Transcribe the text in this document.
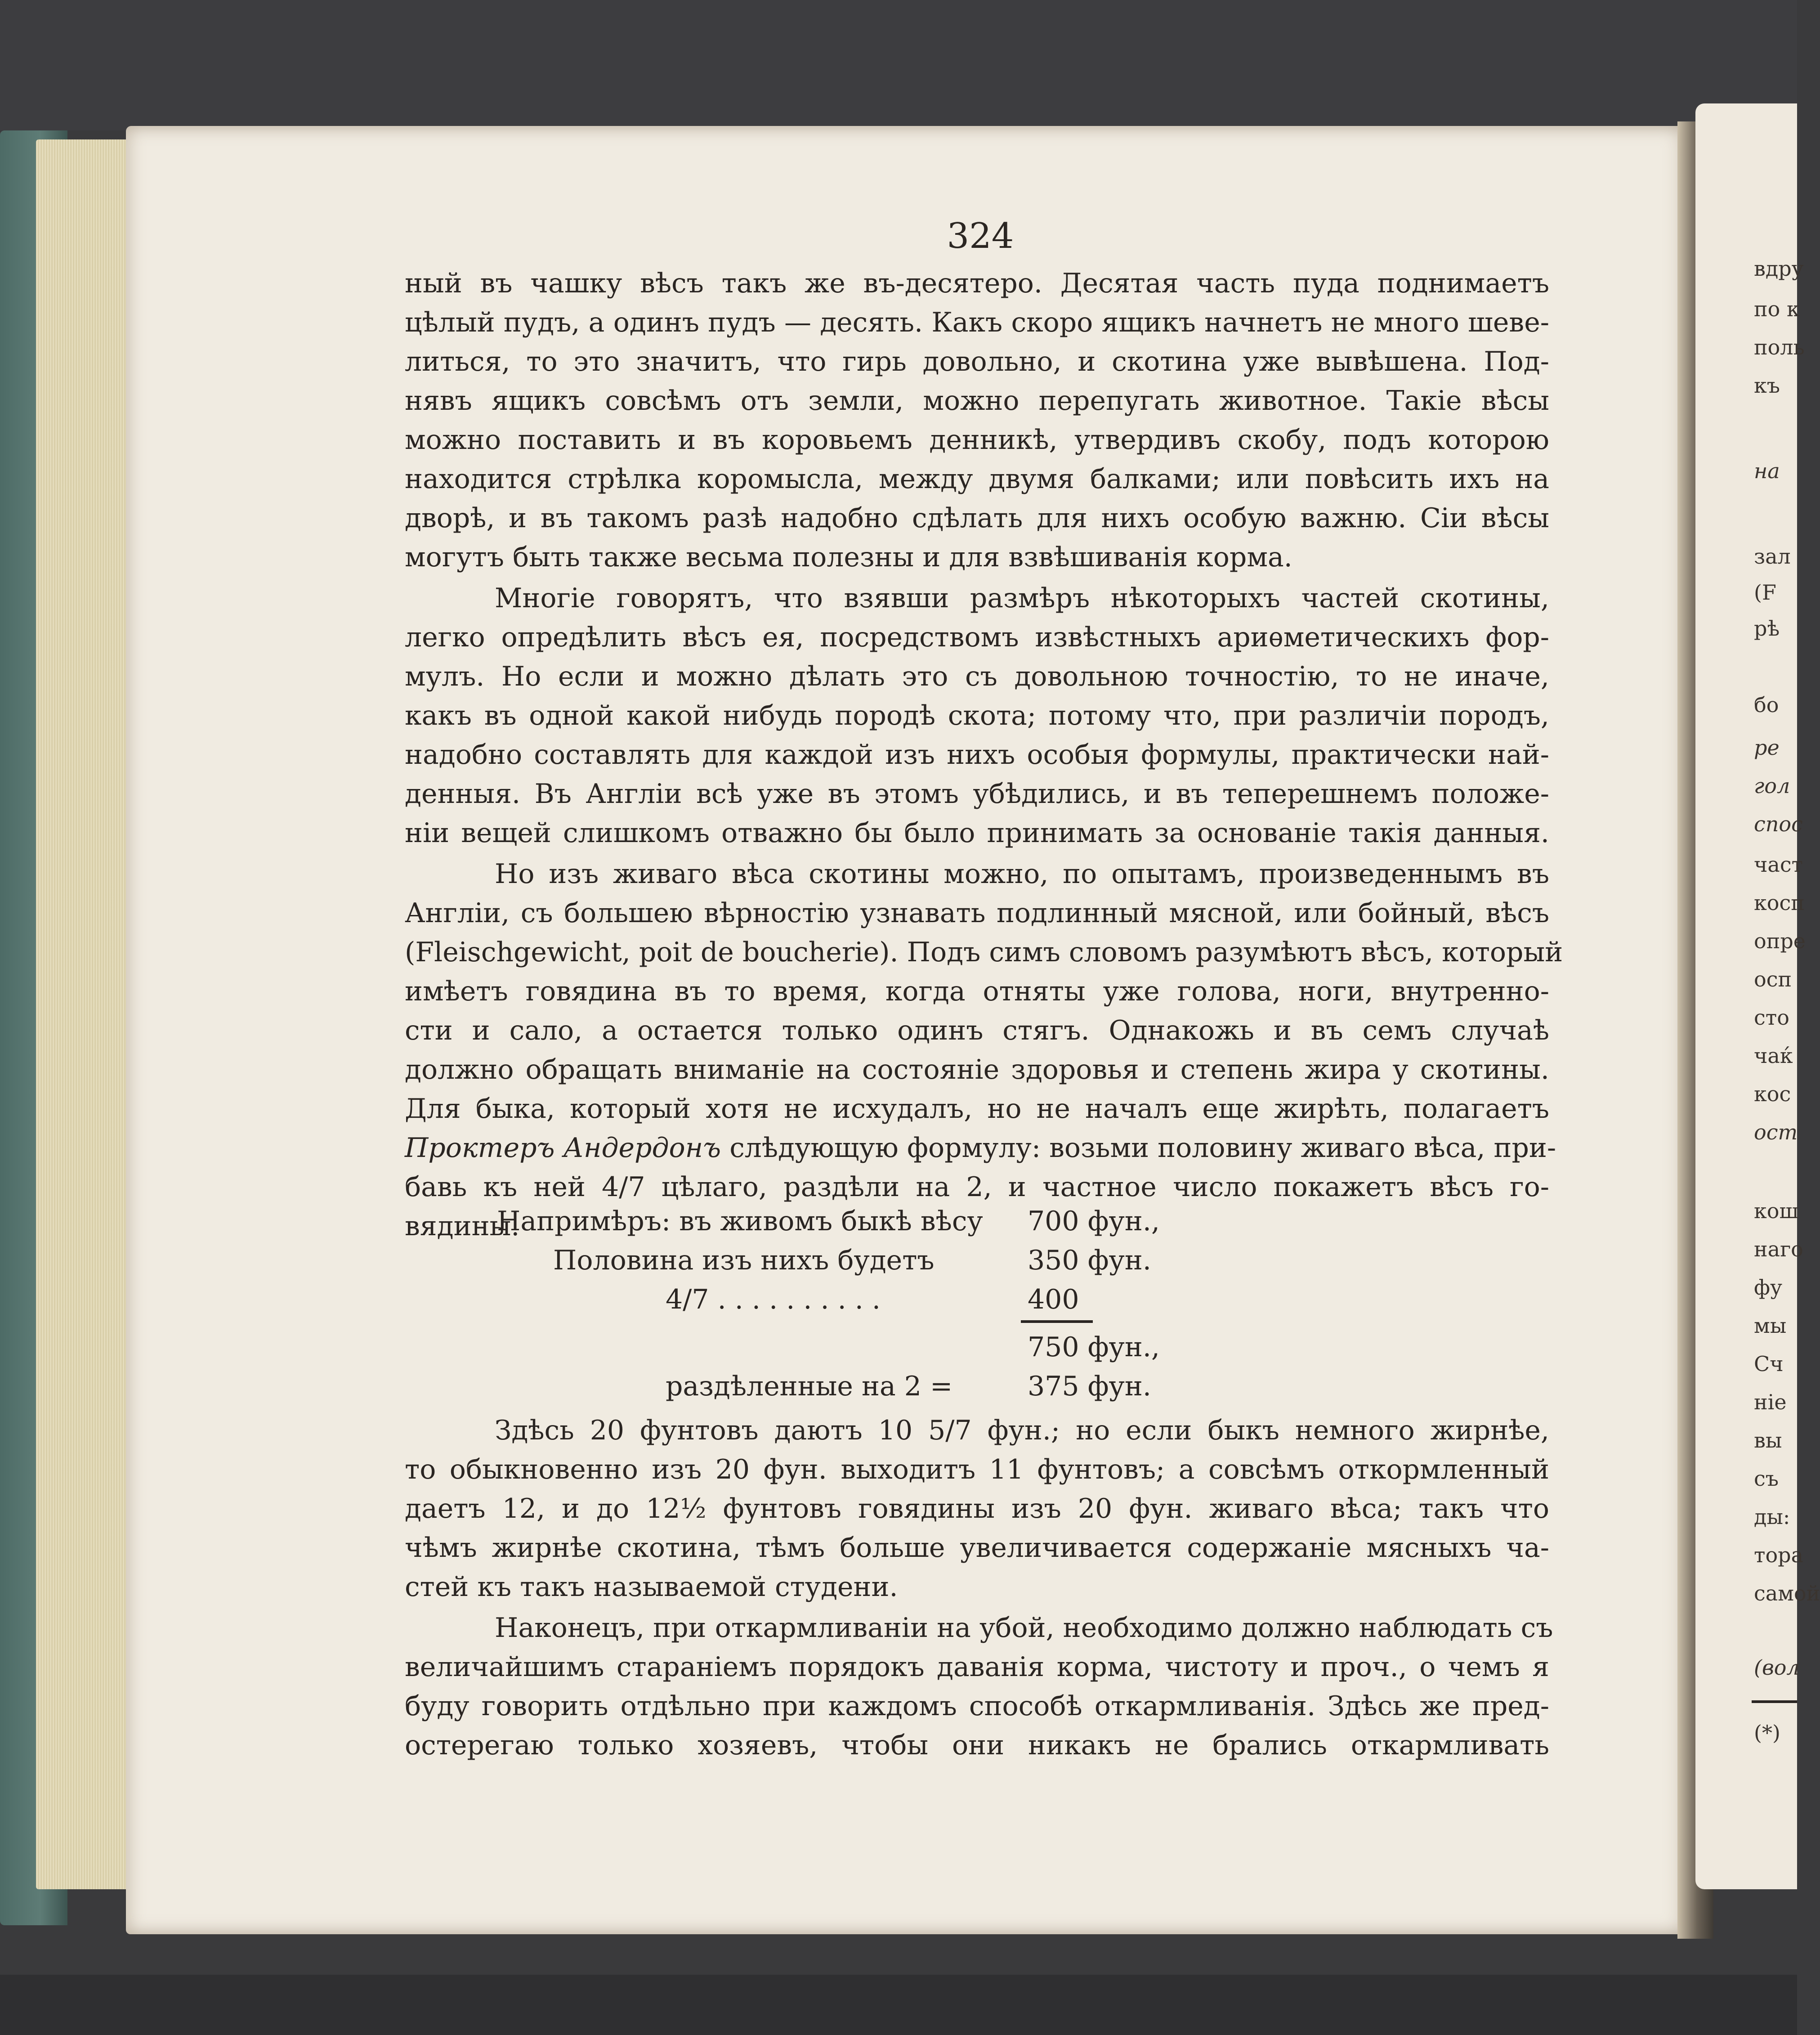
324
ный въ чашку вѣсъ такъ же въ-десятеро. Десятая часть пуда поднимаетъ
цѣлый пудъ, а одинъ пудъ — десять. Какъ скоро ящикъ начнетъ не много шеве-
литься, то это значитъ, что гирь довольно, и скотина уже вывѣшена. Под-
нявъ ящикъ совсѣмъ отъ земли, можно перепугать животное. Такіе вѣсы
можно поставить и въ коровьемъ денникѣ, утвердивъ скобу, подъ которою
находится стрѣлка коромысла, между двумя балками; или повѣсить ихъ на
дворѣ, и въ такомъ разѣ надобно сдѣлать для нихъ особую важню. Сіи вѣсы
могутъ быть также весьма полезны и для взвѣшиванія корма.
Многіе говорятъ, что взявши размѣръ нѣкоторыхъ частей скотины,
легко опредѣлить вѣсъ ея, посредствомъ извѣстныхъ ариѳметическихъ фор-
мулъ. Но если и можно дѣлать это съ довольною точностію, то не иначе,
какъ въ одной какой нибудь породѣ скота; потому что, при различіи породъ,
надобно составлять для каждой изъ нихъ особыя формулы, практически най-
денныя. Въ Англіи всѣ уже въ этомъ убѣдились, и въ теперешнемъ положе-
ніи вещей слишкомъ отважно бы было принимать за основаніе такія данныя.
Но изъ живаго вѣса скотины можно, по опытамъ, произведеннымъ въ
Англіи, съ большею вѣрностію узнавать подлинный мясной, или бойный, вѣсъ
(Fleischgewicht, poit de boucherie). Подъ симъ словомъ разумѣютъ вѣсъ, который
имѣетъ говядина въ то время, когда отняты уже голова, ноги, внутренно-
сти и сало, а остается только одинъ стягъ. Однакожь и въ семъ случаѣ
должно обращать вниманіе на состояніе здоровья и степень жира у скотины.
Для быка, который хотя не исхудалъ, но не началъ еще жирѣть, полагаетъ
Проктеръ Андердонъ слѣдующую формулу: возьми половину живаго вѣса, при-
бавь къ ней 4/7 цѣлаго, раздѣли на 2, и частное число покажетъ вѣсъ го-
вядины.
Напримѣръ: въ живомъ быкѣ вѣсу 700 фун.,
Половина изъ нихъ будетъ	350 фун.
4/7 . . . . . . . . . .	400
750 фун.,
раздѣленные на 2 =	375 фун.
Здѣсь 20 фунтовъ даютъ 10 5/7 фун.; но если быкъ немного жирнѣе,
то обыкновенно изъ 20 фун. выходитъ 11 фунтовъ; а совсѣмъ откормленный
даетъ 12, и до 12½ фунтовъ говядины изъ 20 фун. живаго вѣса; такъ что
чѣмъ жирнѣе скотина, тѣмъ больше увеличивается содержаніе мясныхъ ча-
стей къ такъ называемой студени.
Наконецъ, при откармливаніи на убой, необходимо должно наблюдать съ
величайшимъ стараніемъ порядокъ даванія корма, чистоту и проч., о чемъ я
буду говорить отдѣльно при каждомъ способѣ откармливанія. Здѣсь же пред-
остерегаю только хозяевъ, чтобы они никакъ не брались откармливать
вдру
по к
поль
къ
на
зал
(F
рѣ
бо
ре
гол
спос
част
косп
опре
осп
сто
чаќ
кос
ост
кош
наго
фу
мы
Сч
ніе
вы
съ
ды:
тора
самой
(вол
(*)
